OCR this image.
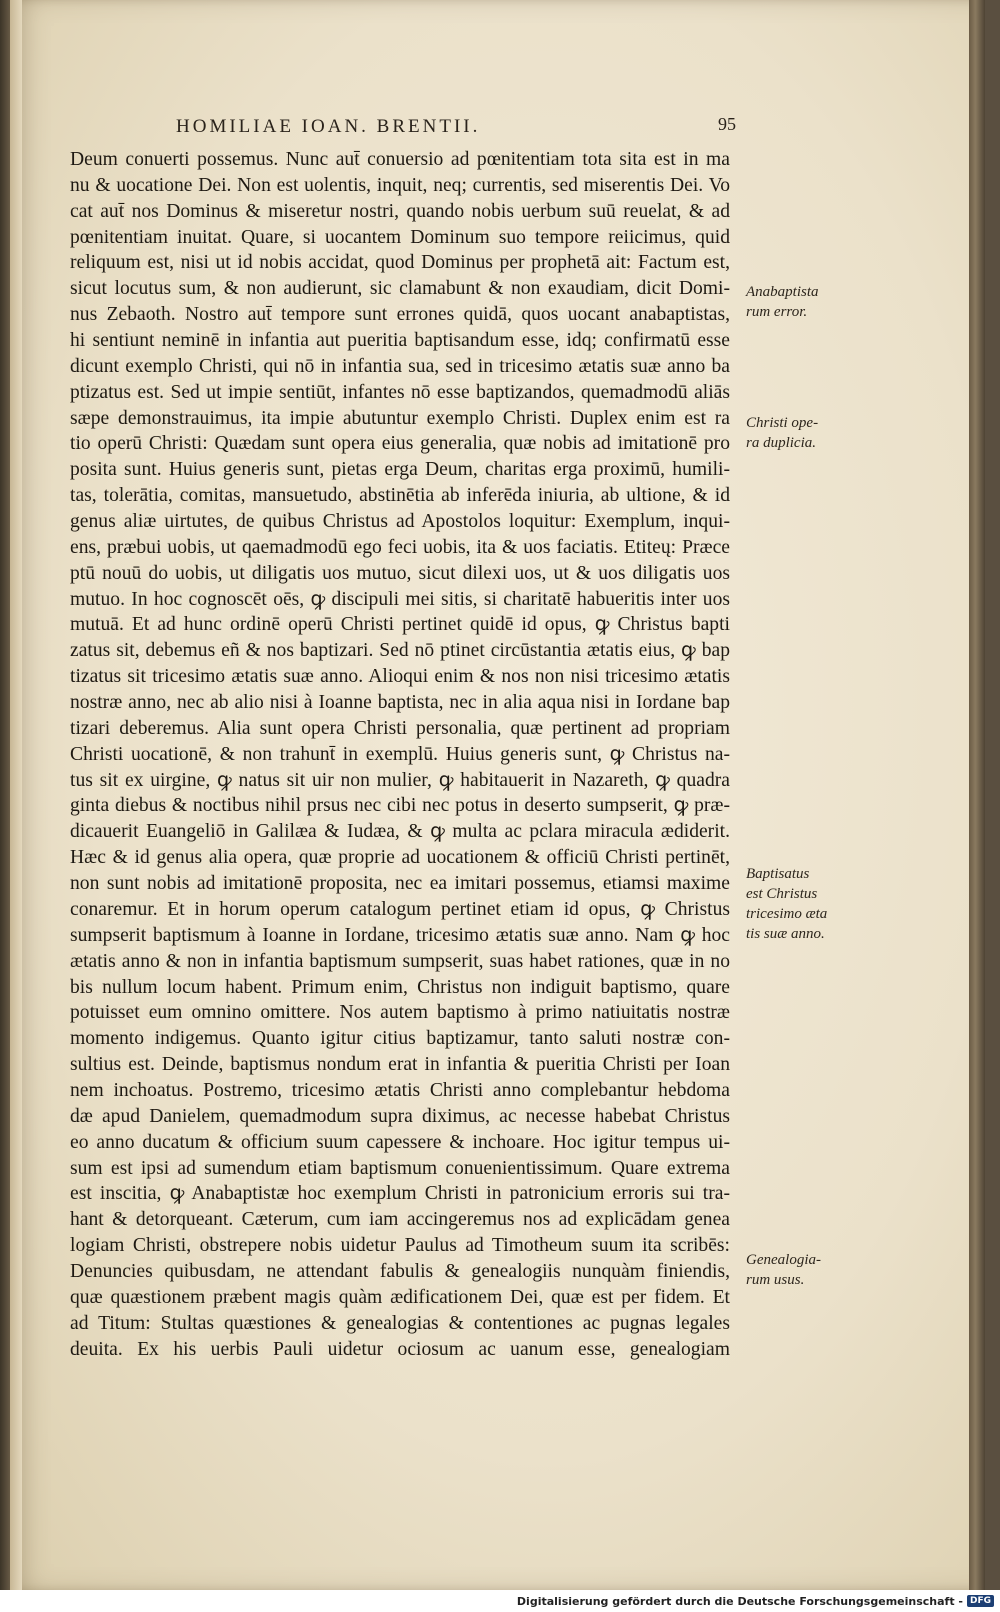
HOMILIAE IOAN. BRENTII.	95
Deum conuerti possemus. Nunc aut̄ conuersio ad pœnitentiam tota sita est in ma
nu & uocatione Dei. Non est uolentis, inquit, neq; currentis, sed miserentis Dei. Vo
cat aut̄ nos Dominus & miseretur nostri, quando nobis uerbum suū reuelat, & ad
pœnitentiam inuitat. Quare, si uocantem Dominum suo tempore reiicimus, quid
reliquum est, nisi ut id nobis accidat, quod Dominus per prophetā ait: Factum est,
sicut locutus sum, & non audierunt, sic clamabunt & non exaudiam, dicit Domi-
nus Zebaoth. Nostro aut̄ tempore sunt errones quidā, quos uocant anabaptistas,
hi sentiunt neminē in infantia aut pueritia baptisandum esse, idq; confirmatū esse
dicunt exemplo Christi, qui nō in infantia sua, sed in tricesimo ætatis suæ anno ba
ptizatus est. Sed ut impie sentiūt, infantes nō esse baptizandos, quemadmodū aliās
sæpe demonstrauimus, ita impie abutuntur exemplo Christi. Duplex enim est ra
tio operū Christi: Quædam sunt opera eius generalia, quæ nobis ad imitationē pro
posita sunt. Huius generis sunt, pietas erga Deum, charitas erga proximū, humili-
tas, tolerātia, comitas, mansuetudo, abstinētia ab inferēda iniuria, ab ultione, & id
genus aliæ uirtutes, de quibus Christus ad Apostolos loquitur: Exemplum, inqui-
ens, præbui uobis, ut qaemadmodū ego feci uobis, ita & uos faciatis. Etiteų: Præce
ptū nouū do uobis, ut diligatis uos mutuo, sicut dilexi uos, ut & uos diligatis uos
mutuo. In hoc cognoscēt oēs, ꝙ discipuli mei sitis, si charitatē habueritis inter uos
mutuā. Et ad hunc ordinē operū Christi pertinet quidē id opus, ꝙ Christus bapti
zatus sit, debemus eñ & nos baptizari. Sed nō ptinet circūstantia ætatis eius, ꝙ bap
tizatus sit tricesimo ætatis suæ anno. Alioqui enim & nos non nisi tricesimo ætatis
nostræ anno, nec ab alio nisi à Ioanne baptista, nec in alia aqua nisi in Iordane bap
tizari deberemus. Alia sunt opera Christi personalia, quæ pertinent ad propriam
Christi uocationē, & non trahunt̄ in exemplū. Huius generis sunt, ꝙ Christus na-
tus sit ex uirgine, ꝙ natus sit uir non mulier, ꝙ habitauerit in Nazareth, ꝙ quadra
ginta diebus & noctibus nihil prsus nec cibi nec potus in deserto sumpserit, ꝙ præ-
dicauerit Euangeliō in Galilæa & Iudæa, & ꝙ multa ac pclara miracula ædiderit.
Hæc & id genus alia opera, quæ proprie ad uocationem & officiū Christi pertinēt,
non sunt nobis ad imitationē proposita, nec ea imitari possemus, etiamsi maxime
conaremur. Et in horum operum catalogum pertinet etiam id opus, ꝙ Christus
sumpserit baptismum à Ioanne in Iordane, tricesimo ætatis suæ anno. Nam ꝙ hoc
ætatis anno & non in infantia baptismum sumpserit, suas habet rationes, quæ in no
bis nullum locum habent. Primum enim, Christus non indiguit baptismo, quare
potuisset eum omnino omittere. Nos autem baptismo à primo natiuitatis nostræ
momento indigemus. Quanto igitur citius baptizamur, tanto saluti nostræ con-
sultius est. Deinde, baptismus nondum erat in infantia & pueritia Christi per Ioan
nem inchoatus. Postremo, tricesimo ætatis Christi anno complebantur hebdoma
dæ apud Danielem, quemadmodum supra diximus, ac necesse habebat Christus
eo anno ducatum & officium suum capessere & inchoare. Hoc igitur tempus ui-
sum est ipsi ad sumendum etiam baptismum conuenientissimum. Quare extrema
est inscitia, ꝙ Anabaptistæ hoc exemplum Christi in patronicium erroris sui tra-
hant & detorqueant. Cæterum, cum iam accingeremus nos ad explicādam genea
logiam Christi, obstrepere nobis uidetur Paulus ad Timotheum suum ita scribēs:
Denuncies quibusdam, ne attendant fabulis & genealogiis nunquàm finiendis,
quæ quæstionem præbent magis quàm ædificationem Dei, quæ est per fidem. Et
ad Titum: Stultas quæstiones & genealogias & contentiones ac pugnas legales
deuita. Ex his uerbis Pauli uidetur ociosum ac uanum esse, genealogiam
Anabaptista
rum error.
Christi ope-
ra duplicia.
Baptisatus
est Christus
tricesimo æta
tis suæ anno.
Genealogia-
rum usus.
Digitalisierung gefördert durch die Deutsche Forschungsgemeinschaft - DFG
